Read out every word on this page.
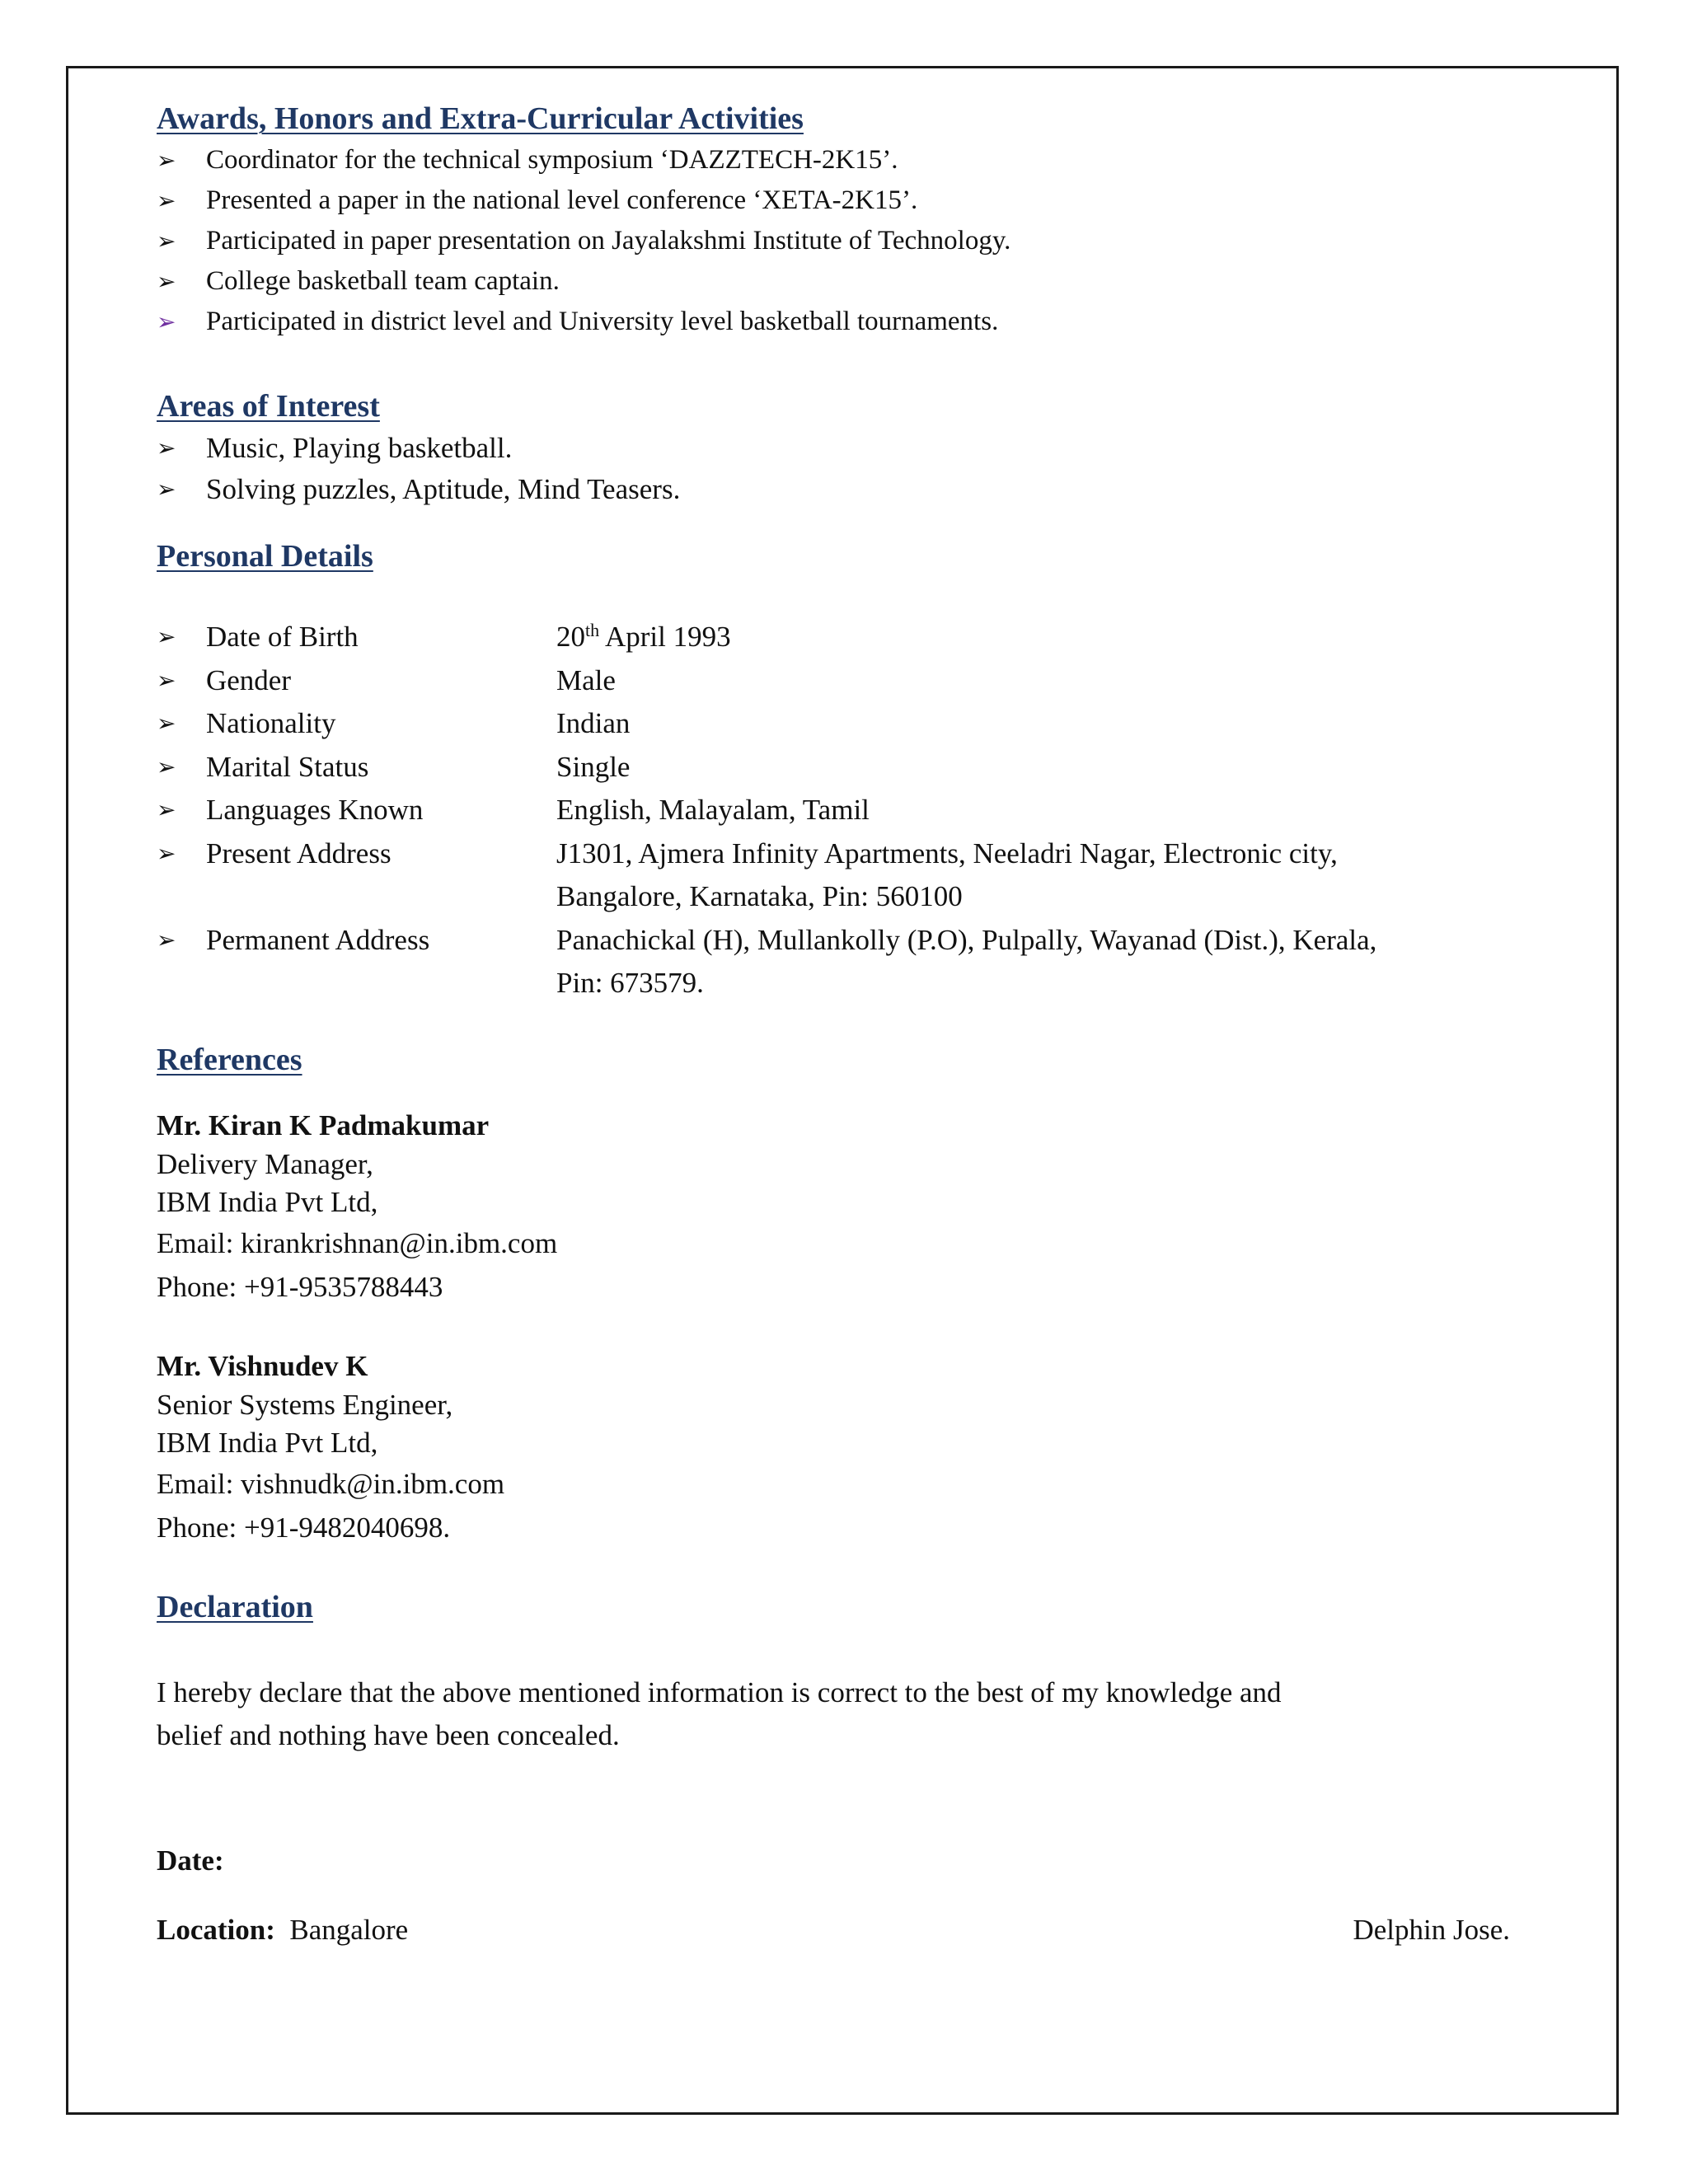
Awards, Honors and Extra-Curricular Activities
➢ Coordinator for the technical symposium ‘DAZZTECH-2K15’.
➢ Presented a paper in the national level conference ‘XETA-2K15’.
➢ Participated in paper presentation on Jayalakshmi Institute of Technology.
➢ College basketball team captain.
➢ Participated in district level and University level basketball tournaments.
Areas of Interest
➢ Music, Playing basketball.
➢ Solving puzzles, Aptitude, Mind Teasers.
Personal Details
➢ Date of Birth	20th April 1993
➢ Gender	Male
➢ Nationality	Indian
➢ Marital Status	Single
➢ Languages Known	English, Malayalam, Tamil
➢ Present Address	J1301, Ajmera Infinity Apartments, Neeladri Nagar, Electronic city,
Bangalore, Karnataka, Pin: 560100
➢ Permanent Address	Panachickal (H), Mullankolly (P.O), Pulpally, Wayanad (Dist.), Kerala,
Pin: 673579.
References
Mr. Kiran K Padmakumar
Delivery Manager,
IBM India Pvt Ltd,
Email: kirankrishnan@in.ibm.com
Phone: +91-9535788443
Mr. Vishnudev K
Senior Systems Engineer,
IBM India Pvt Ltd,
Email: vishnudk@in.ibm.com
Phone: +91-9482040698.
Declaration

I hereby declare that the above mentioned information is correct to the best of my knowledge and
belief and nothing have been concealed.

Date:
Location: Bangalore	Delphin Jose.
